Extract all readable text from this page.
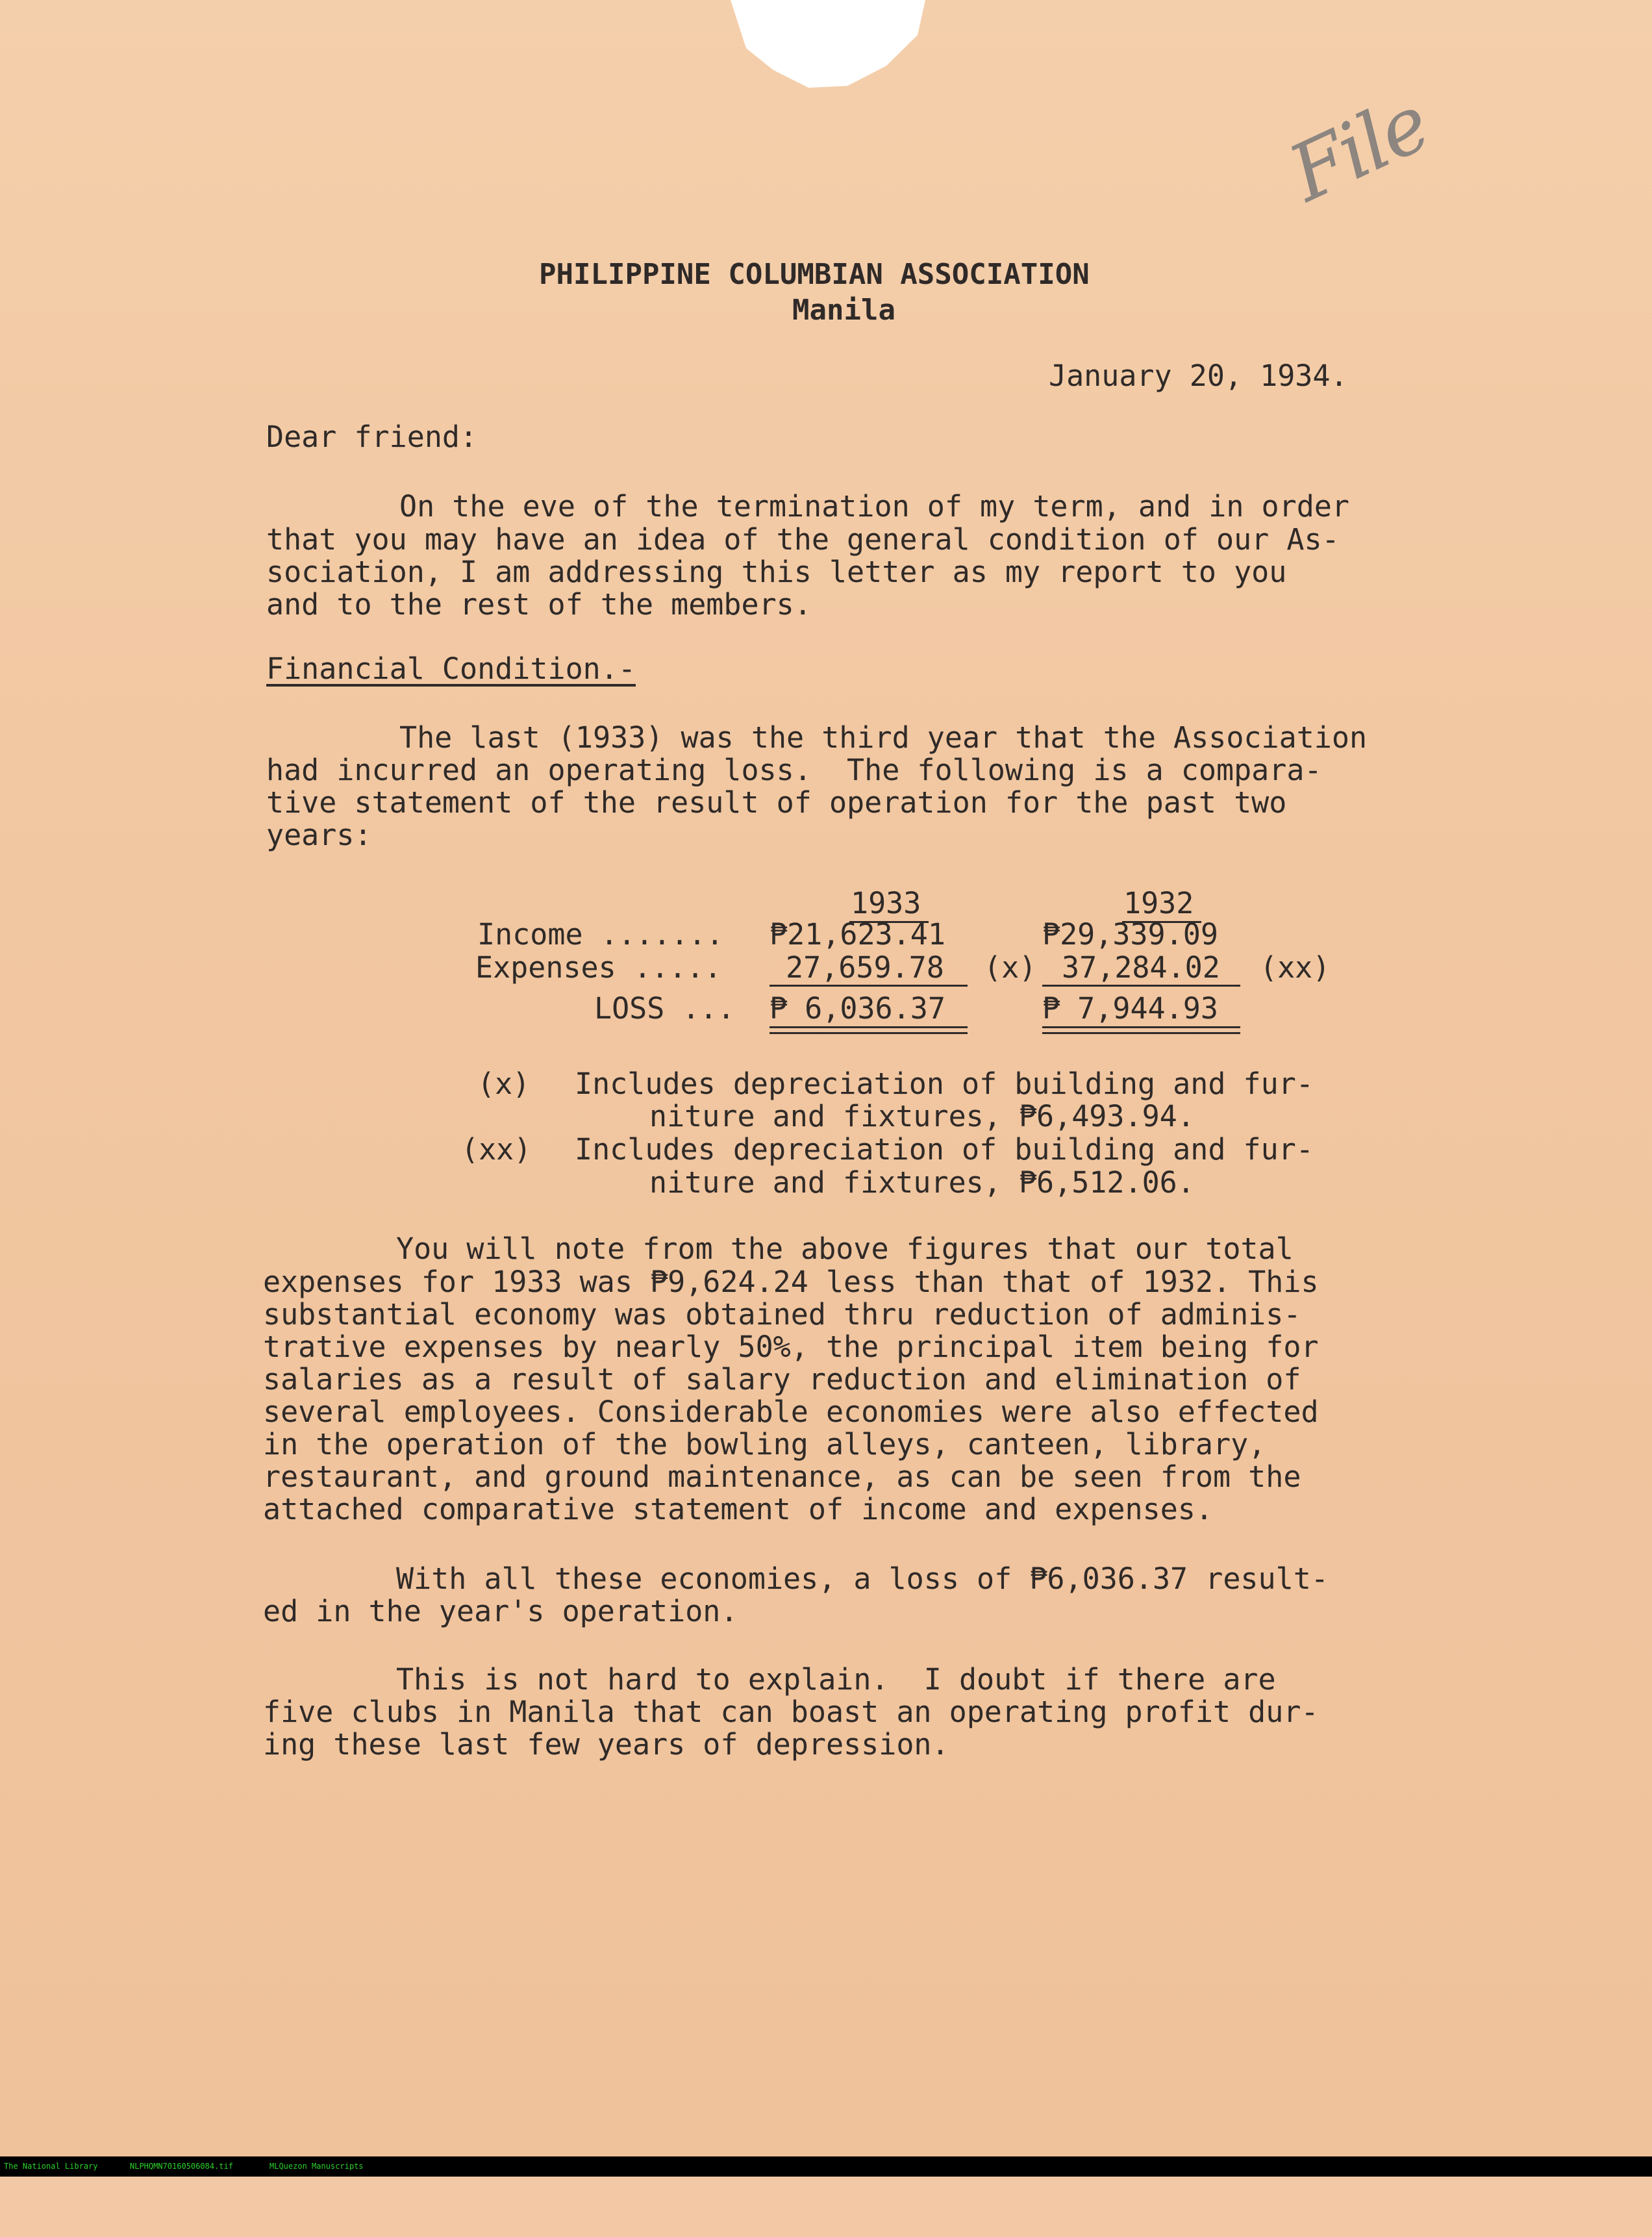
File
PHILIPPINE COLUMBIAN ASSOCIATION
Manila
January 20, 1934.
Dear friend:
On the eve of the termination of my term, and in order
that you may have an idea of the general condition of our As-
sociation, I am addressing this letter as my report to you
and to the rest of the members.
Financial Condition.-
The last (1933) was the third year that the Association
had incurred an operating loss.  The following is a compara-
tive statement of the result of operation for the past two
years:
1933	1932
Income ....... ₱21,623.41	₱29,339.09
Expenses ..... 27,659.78 (x) 37,284.02 (xx)
LOSS ... ₱ 6,036.37	₱ 7,944.93
(x) Includes depreciation of building and fur-
niture and fixtures, ₱6,493.94.
(xx) Includes depreciation of building and fur-
niture and fixtures, ₱6,512.06.
You will note from the above figures that our total
expenses for 1933 was ₱9,624.24 less than that of 1932. This
substantial economy was obtained thru reduction of adminis-
trative expenses by nearly 50%, the principal item being for
salaries as a result of salary reduction and elimination of
several employees. Considerable economies were also effected
in the operation of the bowling alleys, canteen, library,
restaurant, and ground maintenance, as can be seen from the
attached comparative statement of income and expenses.
With all these economies, a loss of ₱6,036.37 result-
ed in the year's operation.
This is not hard to explain.  I doubt if there are
five clubs in Manila that can boast an operating profit dur-
ing these last few years of depression.

The National Library

	NLPHQMN70160506084.tif

	MLQuezon Manuscripts
